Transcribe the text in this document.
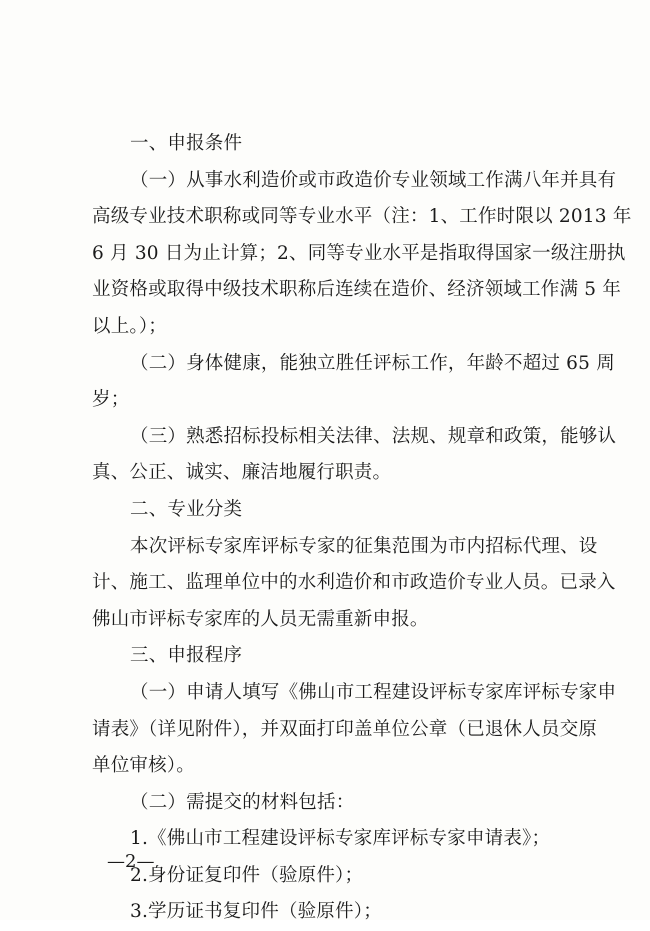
一、申报条件
（一）从事水利造价或市政造价专业领域工作满八年并具有
高级专业技术职称或同等专业水平（注：1、工作时限以 2013 年
6 月 30 日为止计算；2、同等专业水平是指取得国家一级注册执
业资格或取得中级技术职称后连续在造价、经济领域工作满 5 年
以上。）；
（二）身体健康，能独立胜任评标工作，年龄不超过 65 周
岁；
（三）熟悉招标投标相关法律、法规、规章和政策，能够认
真、公正、诚实、廉洁地履行职责。
二、专业分类
本次评标专家库评标专家的征集范围为市内招标代理、设
计、施工、监理单位中的水利造价和市政造价专业人员。已录入
佛山市评标专家库的人员无需重新申报。
三、申报程序
（一）申请人填写《佛山市工程建设评标专家库评标专家申
请表》（详见附件），并双面打印盖单位公章（已退休人员交原
单位审核）。
（二）需提交的材料包括：
1.《佛山市工程建设评标专家库评标专家申请表》；
2.身份证复印件（验原件）；
3.学历证书复印件（验原件）；
—2—
